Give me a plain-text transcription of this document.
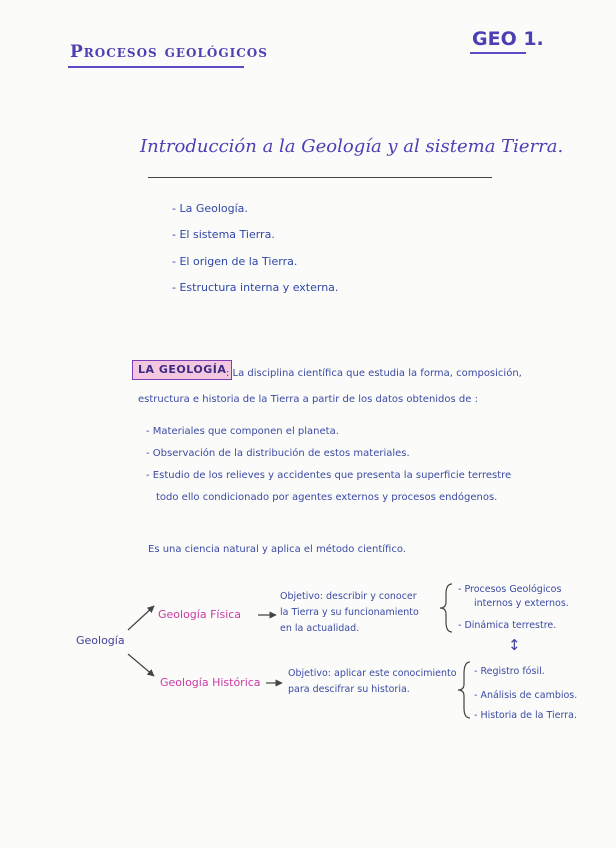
Procesos geológicos
GEO 1.
Introducción a la Geología y al sistema Tierra.
- La Geología.
- El sistema Tierra.
- El origen de la Tierra.
- Estructura interna y externa.
LA GEOLOGÍA : La disciplina científica que estudia la forma, composición,
estructura e historia de la Tierra a partir de los datos obtenidos de :
- Materiales que componen el planeta.
- Observación de la distribución de estos materiales.
- Estudio de los relieves y accidentes que presenta la superficie terrestre
todo ello condicionado por agentes externos y procesos endógenos.
Es una ciencia natural y aplica el método científico.
Geología
Geología Física
Objetivo: describir y conocer
la Tierra y su funcionamiento
en la actualidad.
- Procesos Geológicos
internos y externos.
- Dinámica terrestre.
↕
Geología Histórica
Objetivo: aplicar este conocimiento
para descifrar su historia.
- Registro fósil.
- Análisis de cambios.
- Historia de la Tierra.
